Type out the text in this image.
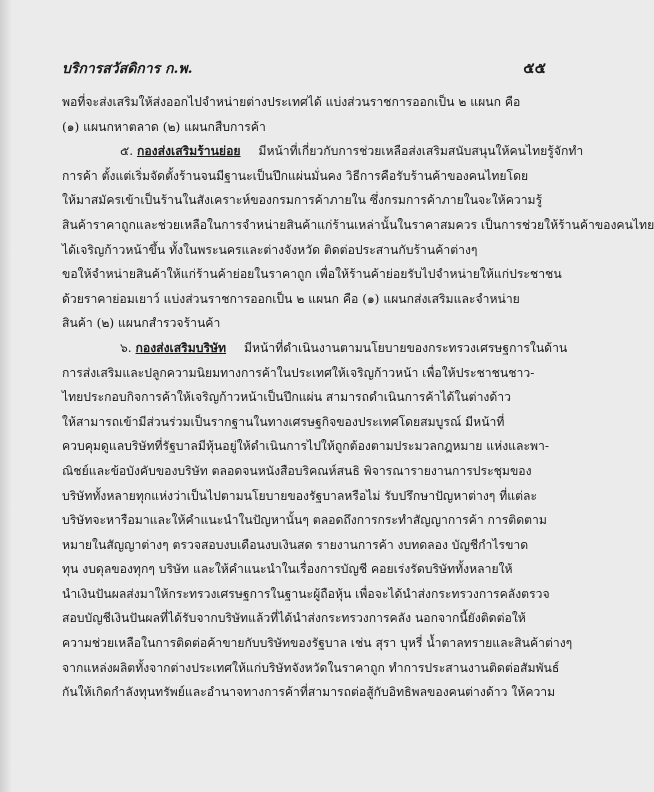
บริการสวัสดิการ ก.พ.	๕๕
พอที่จะส่งเสริมให้ส่งออกไปจำหน่ายต่างประเทศได้ แบ่งส่วนราชการออกเป็น ๒ แผนก คือ
(๑) แผนกหาตลาด (๒) แผนกสืบการค้า
๕. กองส่งเสริมร้านย่อย มีหน้าที่เกี่ยวกับการช่วยเหลือส่งเสริมสนับสนุนให้คนไทยรู้จักทำ
การค้า ตั้งแต่เริ่มจัดตั้งร้านจนมีฐานะเป็นปึกแผ่นมั่นคง วิธีการคือรับร้านค้าของคนไทยโดย
ให้มาสมัครเข้าเป็นร้านในสังเคราะห์ของกรมการค้าภายใน ซึ่งกรมการค้าภายในจะให้ความรู้
สินค้าราคาถูกและช่วยเหลือในการจำหน่ายสินค้าแก่ร้านเหล่านั้นในราคาสมควร เป็นการช่วยให้ร้านค้าของคนไทย
ได้เจริญก้าวหน้าขึ้น ทั้งในพระนครและต่างจังหวัด ติดต่อประสานกับร้านค้าต่างๆ
ขอให้จำหน่ายสินค้าให้แก่ร้านค้าย่อยในราคาถูก เพื่อให้ร้านค้าย่อยรับไปจำหน่ายให้แก่ประชาชน
ด้วยราคาย่อมเยาว์ แบ่งส่วนราชการออกเป็น ๒ แผนก คือ (๑) แผนกส่งเสริมและจำหน่าย
สินค้า (๒) แผนกสำรวจร้านค้า
๖. กองส่งเสริมบริษัท มีหน้าที่ดำเนินงานตามนโยบายของกระทรวงเศรษฐการในด้าน
การส่งเสริมและปลูกความนิยมทางการค้าในประเทศให้เจริญก้าวหน้า เพื่อให้ประชาชนชาว-
ไทยประกอบกิจการค้าให้เจริญก้าวหน้าเป็นปึกแผ่น สามารถดำเนินการค้าได้ในต่างด้าว
ให้สามารถเข้ามีส่วนร่วมเป็นรากฐานในทางเศรษฐกิจของประเทศโดยสมบูรณ์ มีหน้าที่
ควบคุมดูแลบริษัทที่รัฐบาลมีหุ้นอยู่ให้ดำเนินการไปให้ถูกต้องตามประมวลกฎหมาย แห่งและพา-
ณิชย์และข้อบังคับของบริษัท ตลอดจนหนังสือบริคณห์สนธิ พิจารณารายงานการประชุมของ
บริษัททั้งหลายทุกแห่งว่าเป็นไปตามนโยบายของรัฐบาลหรือไม่ รับปรึกษาปัญหาต่างๆ ที่แต่ละ
บริษัทจะหารือมาและให้คำแนะนำในปัญหานั้นๆ ตลอดถึงการกระทำสัญญาการค้า การติดตาม
หมายในสัญญาต่างๆ ตรวจสอบงบเดือนงบเงินสด รายงานการค้า งบทดลอง บัญชีกำไรขาด
ทุน งบดุลของทุกๆ บริษัท และให้คำแนะนำในเรื่องการบัญชี คอยเร่งรัดบริษัททั้งหลายให้
นำเงินปันผลส่งมาให้กระทรวงเศรษฐการในฐานะผู้ถือหุ้น เพื่อจะได้นำส่งกระทรวงการคลังตรวจ
สอบบัญชีเงินปันผลที่ได้รับจากบริษัทแล้วที่ได้นำส่งกระทรวงการคลัง นอกจากนี้ยังติดต่อให้
ความช่วยเหลือในการติดต่อค้าขายกับบริษัทของรัฐบาล เช่น สุรา บุหรี่ น้ำตาลทรายและสินค้าต่างๆ
จากแหล่งผลิตทั้งจากต่างประเทศให้แก่บริษัทจังหวัดในราคาถูก ทำการประสานงานติดต่อสัมพันธ์
กันให้เกิดกำลังทุนทรัพย์และอำนาจทางการค้าที่สามารถต่อสู้กับอิทธิพลของคนต่างด้าว ให้ความ
